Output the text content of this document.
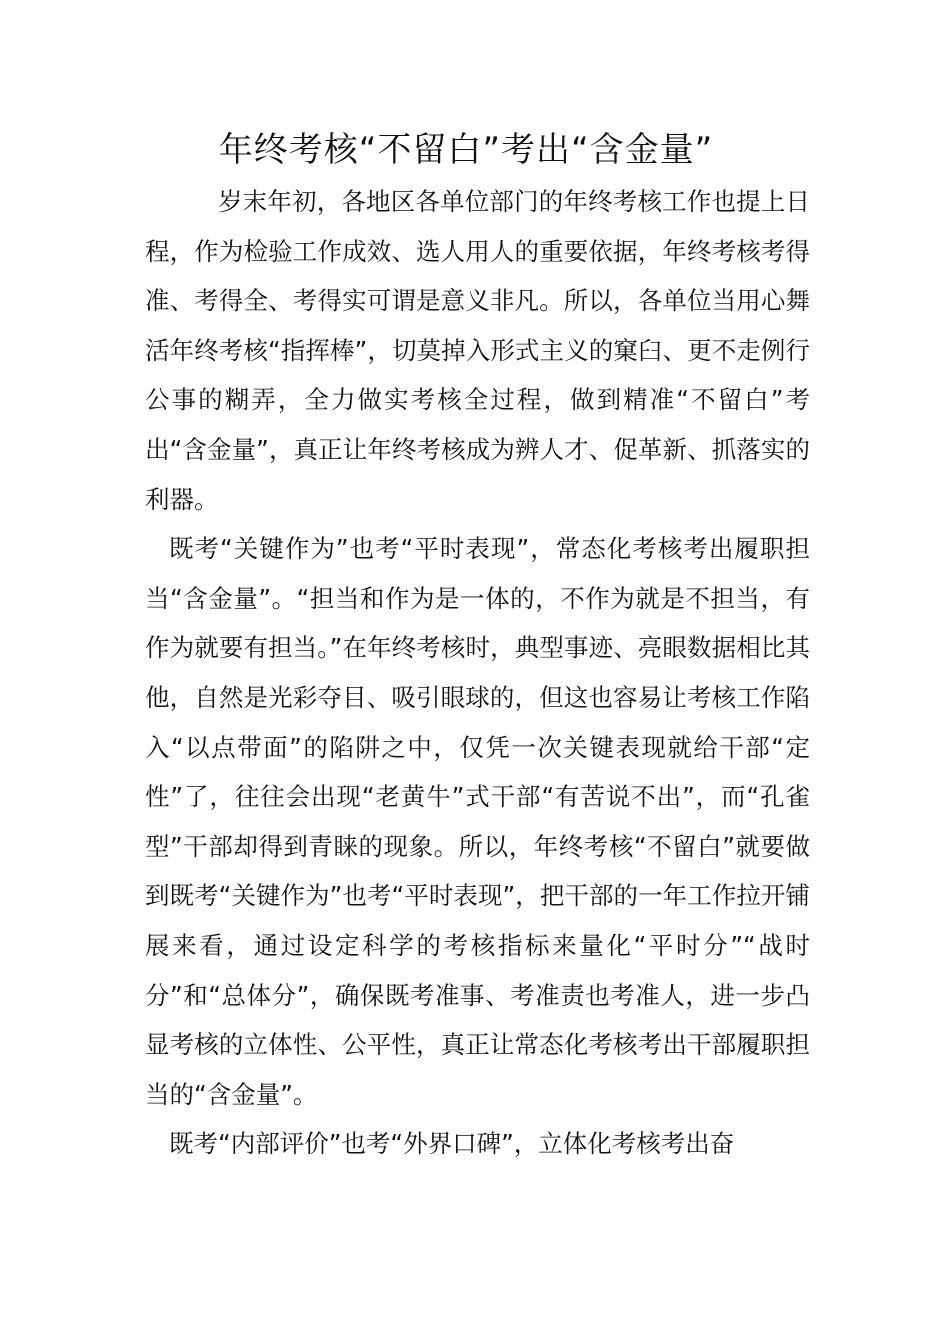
年终考核“不留白”考出“含金量”

岁末年初，各地区各单位部门的年终考核工作也提上日程，作为检验工作成效、选人用人的重要依据，年终考核考得准、考得全、考得实可谓是意义非凡。所以，各单位当用心舞活年终考核“指挥棒”，切莫掉入形式主义的窠臼、更不走例行公事的糊弄，全力做实考核全过程，做到精准“不留白”考出“含金量”，真正让年终考核成为辨人才、促革新、抓落实的利器。

既考“关键作为”也考“平时表现”，常态化考核考出履职担当“含金量”。“担当和作为是一体的，不作为就是不担当，有作为就要有担当。”在年终考核时，典型事迹、亮眼数据相比其他，自然是光彩夺目、吸引眼球的，但这也容易让考核工作陷入“以点带面”的陷阱之中，仅凭一次关键表现就给干部“定性”了，往往会出现“老黄牛”式干部“有苦说不出”，而“孔雀型”干部却得到青睐的现象。所以，年终考核“不留白”就要做到既考“关键作为”也考“平时表现”，把干部的一年工作拉开铺展来看，通过设定科学的考核指标来量化“平时分”“战时分”和“总体分”，确保既考准事、考准责也考准人，进一步凸显考核的立体性、公平性，真正让常态化考核考出干部履职担当的“含金量”。

既考“内部评价”也考“外界口碑”，立体化考核考出奋
